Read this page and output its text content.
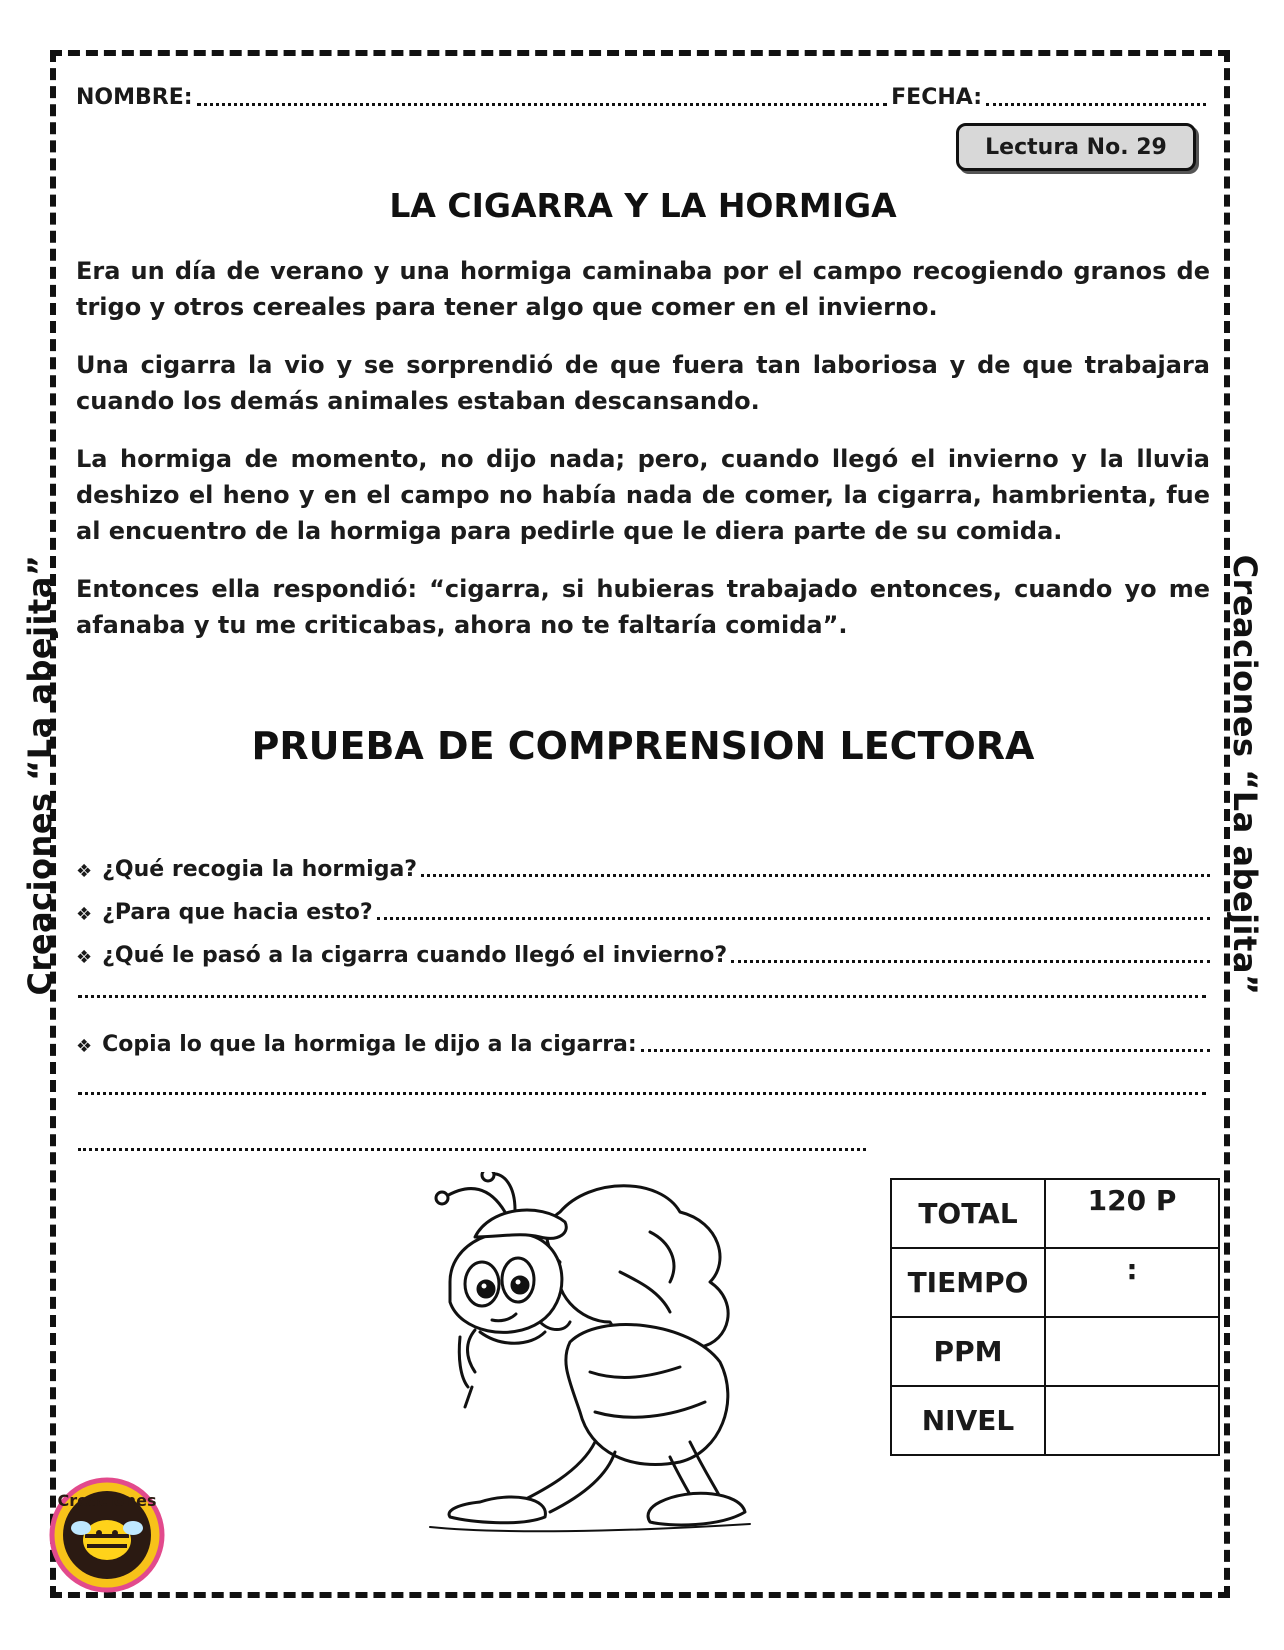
Creaciones “La abejita”	Creaciones “La abejita”
NOMBRE:	FECHA:
Lectura No. 29
LA CIGARRA Y LA HORMIGA

Era un día de verano y una hormiga caminaba por el campo recogiendo granos de trigo y otros cereales para tener algo que comer en el invierno.

Una cigarra la vio y se sorprendió de que fuera tan laboriosa y de que trabajara cuando los demás animales estaban descansando.

La hormiga de momento, no dijo nada; pero, cuando llegó el invierno y la lluvia deshizo el heno y en el campo no había nada de comer, la cigarra, hambrienta, fue al encuentro de la hormiga para pedirle que le diera parte de su comida.

Entonces ella respondió: “cigarra, si hubieras trabajado entonces, cuando yo me afanaba y tu me criticabas, ahora no te faltaría comida”.

PRUEBA DE COMPRENSION LECTORA
❖ ¿Qué recogia la hormiga?
❖ ¿Para que hacia esto?
❖ ¿Qué le pasó a la cigarra cuando llegó el invierno?
❖ Copia lo que la hormiga le dijo a la cigarra:
TOTAL	120 P
TIEMPO	:
PPM	
NIVEL	
Creaciones
